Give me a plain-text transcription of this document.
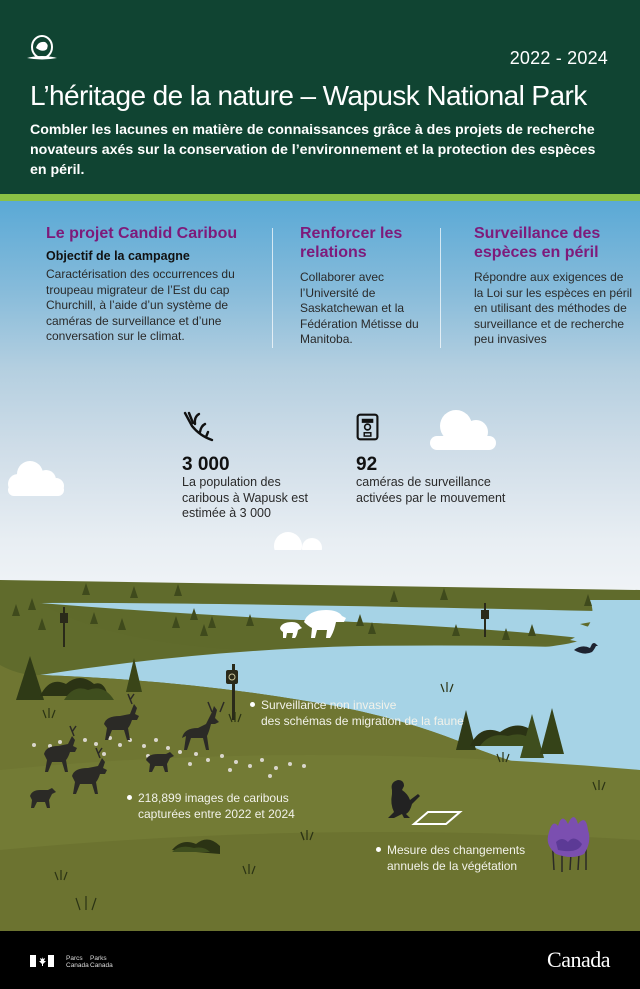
2022 - 2024
L’héritage de la nature – Wapusk National Park

Combler les lacunes en matière de connaissances grâce à des projets de recherche novateurs axés sur la conservation de l’environnement et la protection des espèces en péril.

Le projet Candid Caribou
Objectif de la campagne

Caractérisation des occurrences du troupeau migrateur de l’Est du cap Churchill, à l’aide d’un système de caméras de surveillance et d’une conversation sur le climat.

Renforcer les relations

Collaborer avec l’Université de Saskatchewan et la Fédération Métisse du Manitoba.

Surveillance des espèces en péril

Répondre aux exigences de la Loi sur les espèces en péril en utilisant des méthodes de surveillance et de recherche peu invasives

3 000
La population des caribous à Wapusk est estimée à 3 000
92
caméras de surveillance activées par le mouvement
Surveillance non invasive
des schémas de migration de la faune
218,899 images de caribous
capturées entre 2022 et 2024
Mesure des changements
annuels de la végétation
Parcs
Canada
Parks
Canada	Canada
